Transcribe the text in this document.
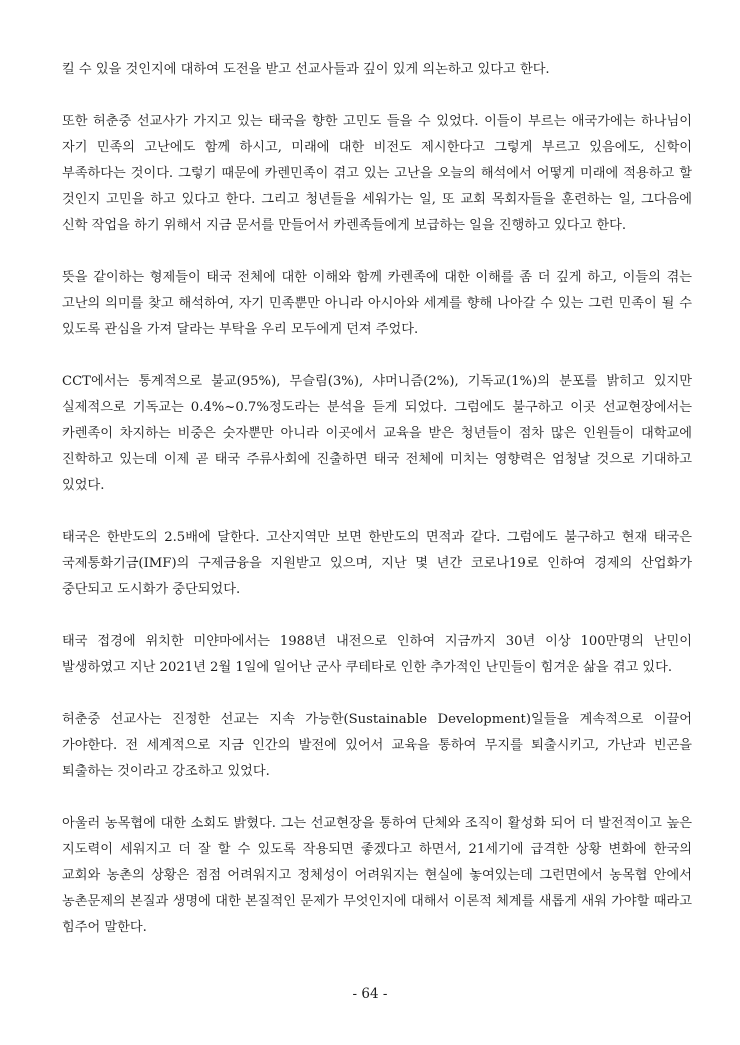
킬 수 있을 것인지에 대하여 도전을 받고 선교사들과 깊이 있게 의논하고 있다고 한다.

또한 허춘중 선교사가 가지고 있는 태국을 향한 고민도 들을 수 있었다. 이들이 부르는 애국가에는 하나님이 자기 민족의 고난에도 함께 하시고, 미래에 대한 비전도 제시한다고 그렇게 부르고 있음에도, 신학이 부족하다는 것이다. 그렇기 때문에 카렌민족이 겪고 있는 고난을 오늘의 해석에서 어떻게 미래에 적용하고 할 것인지 고민을 하고 있다고 한다. 그리고 청년들을 세워가는 일, 또 교회 목회자들을 훈련하는 일, 그다음에 신학 작업을 하기 위해서 지금 문서를 만들어서 카렌족들에게 보급하는 일을 진행하고 있다고 한다.

뜻을 같이하는 형제들이 태국 전체에 대한 이해와 함께 카렌족에 대한 이해를 좀 더 깊게 하고, 이들의 겪는 고난의 의미를 찾고 해석하여, 자기 민족뿐만 아니라 아시아와 세계를 향해 나아갈 수 있는 그런 민족이 될 수 있도록 관심을 가져 달라는 부탁을 우리 모두에게 던져 주었다.

CCT에서는 통계적으로 불교(95%), 무슬림(3%), 샤머니즘(2%), 기독교(1%)의 분포를 밝히고 있지만 실제적으로 기독교는 0.4%~0.7%정도라는 분석을 듣게 되었다. 그럼에도 불구하고 이곳 선교현장에서는 카렌족이 차지하는 비중은 숫자뿐만 아니라 이곳에서 교육을 받은 청년들이 점차 많은 인원들이 대학교에 진학하고 있는데 이제 곧 태국 주류사회에 진출하면 태국 전체에 미치는 영향력은 엄청날 것으로 기대하고 있었다.

태국은 한반도의 2.5배에 달한다. 고산지역만 보면 한반도의 면적과 같다. 그럼에도 불구하고 현재 태국은 국제통화기금(IMF)의 구제금융을 지원받고 있으며, 지난 몇 년간 코로나19로 인하여 경제의 산업화가 중단되고 도시화가 중단되었다.

태국 접경에 위치한 미얀마에서는 1988년 내전으로 인하여 지금까지 30년 이상 100만명의 난민이 발생하였고 지난 2021년 2월 1일에 일어난 군사 쿠테타로 인한 추가적인 난민들이 힘겨운 삶을 겪고 있다.

허춘중 선교사는 진정한 선교는 지속 가능한(Sustainable Development)일들을 계속적으로 이끌어 가야한다. 전 세계적으로 지금 인간의 발전에 있어서 교육을 통하여 무지를 퇴출시키고, 가난과 빈곤을 퇴출하는 것이라고 강조하고 있었다.

아울러 농목협에 대한 소회도 밝혔다. 그는 선교현장을 통하여 단체와 조직이 활성화 되어 더 발전적이고 높은 지도력이 세워지고 더 잘 할 수 있도록 작용되면 좋겠다고 하면서, 21세기에 급격한 상황 변화에 한국의 교회와 농촌의 상황은 점점 어려워지고 정체성이 어려워지는 현실에 놓여있는데 그런면에서 농목협 안에서 농촌문제의 본질과 생명에 대한 본질적인 문제가 무엇인지에 대해서 이론적 체계를 새롭게 새워 가야할 때라고 힘주어 말한다.

- 64 -
